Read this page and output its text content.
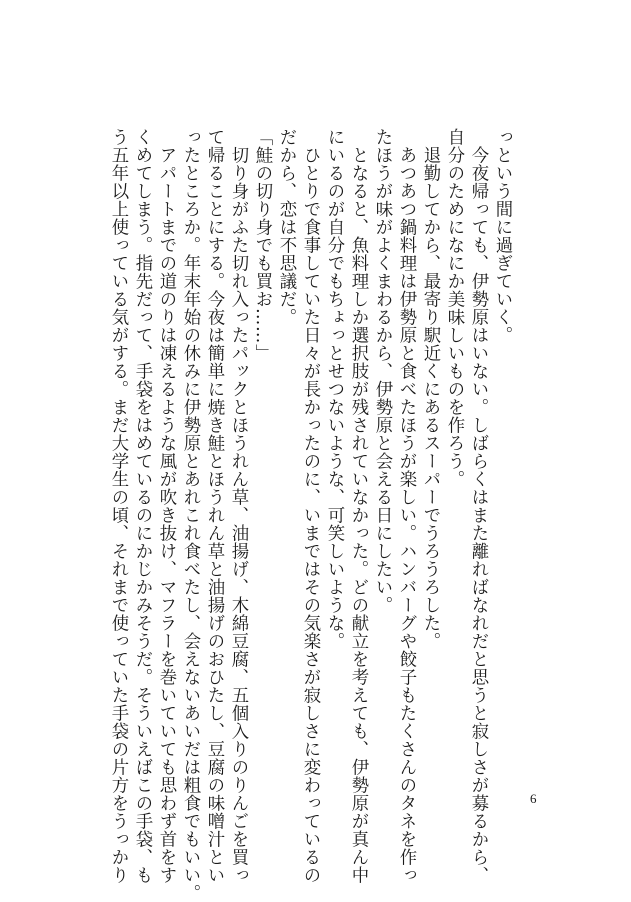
っという間に過ぎていく。
　今夜帰っても、伊勢原はいない。しばらくはまた離ればなれだと思うと寂しさが募るから、
自分のためになにか美味しいものを作ろう。
　退勤してから、最寄り駅近くにあるスーパーでうろうろした。
　あつあつ鍋料理は伊勢原と食べたほうが楽しい。ハンバーグや餃子もたくさんのタネを作っ
たほうが味がよくまわるから、伊勢原と会える日にしたい。
　となると、魚料理しか選択肢が残されていなかった。どの献立を考えても、伊勢原が真ん中
にいるのが自分でもちょっとせつないような、可笑しいような。
　ひとりで食事していた日々が長かったのに、いまではその気楽さが寂しさに変わっているの
だから、恋は不思議だ。
「鮭の切り身でも買お……」
　切り身がふた切れ入ったパックとほうれん草、油揚げ、木綿豆腐、五個入りのりんごを買っ
て帰ることにする。今夜は簡単に焼き鮭とほうれん草と油揚げのおひたし、豆腐の味噌汁とい
ったところか。年末年始の休みに伊勢原とあれこれ食べたし、会えないあいだは粗食でもいい。
　アパートまでの道のりは凍えるような風が吹き抜け、マフラーを巻いていても思わず首をす
くめてしまう。指先だって、手袋をはめているのにかじかみそうだ。そういえばこの手袋、も
う五年以上使っている気がする。まだ大学生の頃、それまで使っていた手袋の片方をうっかり	6
